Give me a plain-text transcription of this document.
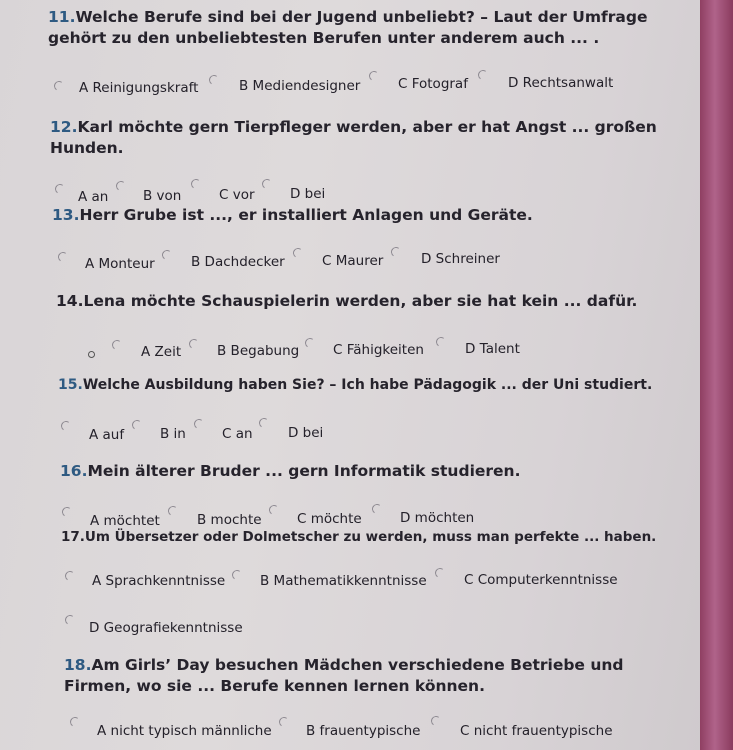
11.Welche Berufe sind bei der Jugend unbeliebt? – Laut der Umfrage gehört zu den unbeliebtesten Berufen unter anderem auch ... .
A Reinigungskraft	B Mediendesigner	C Fotograf	D Rechtsanwalt
12.Karl möchte gern Tierpfleger werden, aber er hat Angst ... großen Hunden.
A an	B von	C vor	D bei
13.Herr Grube ist ..., er installiert Anlagen und Geräte.
A Monteur	B Dachdecker	C Maurer	D Schreiner
14.Lena möchte Schauspielerin werden, aber sie hat kein ... dafür.
A Zeit	B Begabung	C Fähigkeiten	D Talent
15.Welche Ausbildung haben Sie? – Ich habe Pädagogik ... der Uni studiert.
A auf	B in	C an	D bei
16.Mein älterer Bruder ... gern Informatik studieren.
A möchtet	B mochte	C möchte	D möchten
17.Um Übersetzer oder Dolmetscher zu werden, muss man perfekte ... haben.
A Sprachkenntnisse	B Mathematikkenntnisse	C Computerkenntnisse
D Geografiekenntnisse
18.Am Girls’ Day besuchen Mädchen verschiedene Betriebe und Firmen, wo sie ... Berufe kennen lernen können.
A nicht typisch männliche	B frauentypische	C nicht frauentypische
